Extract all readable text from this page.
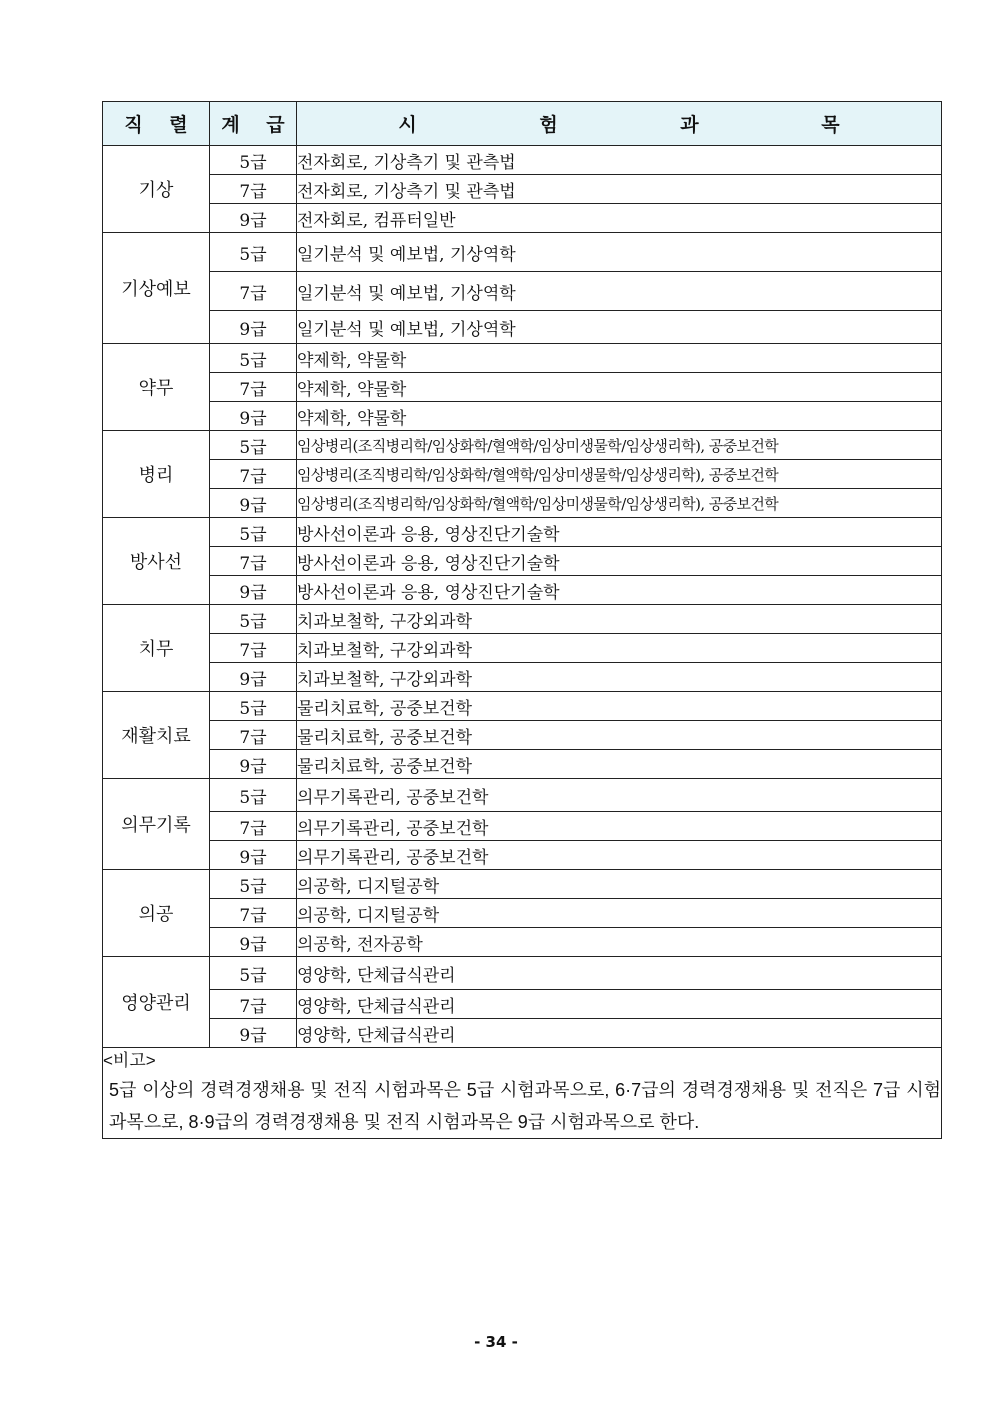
직 렬	계 급	시 험 과 목
기상	5급	전자회로, 기상측기 및 관측법
	7급	전자회로, 기상측기 및 관측법
	9급	전자회로, 컴퓨터일반
기상예보	5급	일기분석 및 예보법, 기상역학
	7급	일기분석 및 예보법, 기상역학
	9급	일기분석 및 예보법, 기상역학
약무	5급	약제학, 약물학
	7급	약제학, 약물학
	9급	약제학, 약물학
병리	5급	임상병리(조직병리학/임상화학/혈액학/임상미생물학/임상생리학), 공중보건학
	7급	임상병리(조직병리학/임상화학/혈액학/임상미생물학/임상생리학), 공중보건학
	9급	임상병리(조직병리학/임상화학/혈액학/임상미생물학/임상생리학), 공중보건학
방사선	5급	방사선이론과 응용, 영상진단기술학
	7급	방사선이론과 응용, 영상진단기술학
	9급	방사선이론과 응용, 영상진단기술학
치무	5급	치과보철학, 구강외과학
	7급	치과보철학, 구강외과학
	9급	치과보철학, 구강외과학
재활치료	5급	물리치료학, 공중보건학
	7급	물리치료학, 공중보건학
	9급	물리치료학, 공중보건학
의무기록	5급	의무기록관리, 공중보건학
	7급	의무기록관리, 공중보건학
	9급	의무기록관리, 공중보건학
의공	5급	의공학, 디지털공학
	7급	의공학, 디지털공학
	9급	의공학, 전자공학
영양관리	5급	영양학, 단체급식관리
	7급	영양학, 단체급식관리
	9급	영양학, 단체급식관리

<비고>
5급 이상의 경력경쟁채용 및 전직 시험과목은 5급 시험과목으로, 6·7급의 경력경쟁채용 및 전직은 7급 시험과목으로, 8·9급의 경력경쟁채용 및 전직 시험과목은 9급 시험과목으로 한다.		
- 34 -
